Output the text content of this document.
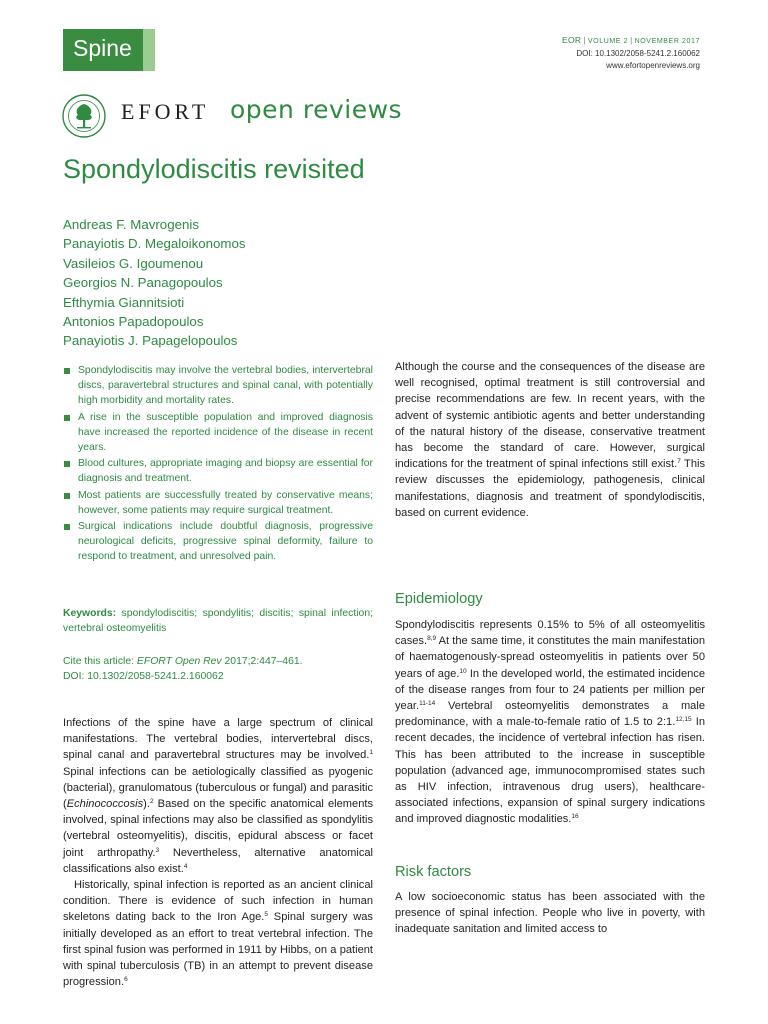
Spine	EOR | VOLUME 2 | NOVEMBER 2017
DOI: 10.1302/2058-5241.2.160062
www.efortopenreviews.org
EFORT open reviews
Spondylodiscitis revisited
Andreas F. Mavrogenis
Panayiotis D. Megaloikonomos
Vasileios G. Igoumenou
Georgios N. Panagopoulos
Efthymia Giannitsioti
Antonios Papadopoulos
Panayiotis J. Papagelopoulos
Spondylodiscitis may involve the vertebral bodies, intervertebral discs, paravertebral structures and spinal canal, with potentially high morbidity and mortality rates.
A rise in the susceptible population and improved diagnosis have increased the reported incidence of the disease in recent years.
Blood cultures, appropriate imaging and biopsy are essential for diagnosis and treatment.
Most patients are successfully treated by conservative means; however, some patients may require surgical treatment.
Surgical indications include doubtful diagnosis, progressive neurological deficits, progressive spinal deformity, failure to respond to treatment, and unresolved pain.

Keywords: spondylodiscitis; spondylitis; discitis; spinal infection; vertebral osteomyelitis

Cite this article: EFORT Open Rev 2017;2:447–461.
DOI: 10.1302/2058-5241.2.160062

Infections of the spine have a large spectrum of clinical manifestations. The vertebral bodies, intervertebral discs, spinal canal and paravertebral structures may be involved.$^1$ Spinal infections can be aetiologically classified as pyogenic (bacterial), granulomatous (tuberculous or fungal) and parasitic (Echinococcosis).$^2$ Based on the specific anatomical elements involved, spinal infections may also be classified as spondylitis (vertebral osteomyelitis), discitis, epidural abscess or facet joint arthropathy.$^3$ Nevertheless, alternative anatomical classifications also exist.$^4$

Historically, spinal infection is reported as an ancient clinical condition. There is evidence of such infection in human skeletons dating back to the Iron Age.$^5$ Spinal surgery was initially developed as an effort to treat vertebral infection. The first spinal fusion was performed in 1911 by Hibbs, on a patient with spinal tuberculosis (TB) in an attempt to prevent disease progression.$^6$

Although the course and the consequences of the disease are well recognised, optimal treatment is still controversial and precise recommendations are few. In recent years, with the advent of systemic antibiotic agents and better understanding of the natural history of the disease, conservative treatment has become the standard of care. However, surgical indications for the treatment of spinal infections still exist.$^7$ This review discusses the epidemiology, pathogenesis, clinical manifestations, diagnosis and treatment of spondylodiscitis, based on current evidence.

Epidemiology

Spondylodiscitis represents 0.15% to 5% of all osteomyelitis cases.$^{8,9}$ At the same time, it constitutes the main manifestation of haematogenously-spread osteomyelitis in patients over 50 years of age.$^{10}$ In the developed world, the estimated incidence of the disease ranges from four to 24 patients per million per year.$^{11-14}$ Vertebral osteomyelitis demonstrates a male predominance, with a male-to-female ratio of 1.5 to 2:1.$^{12,15}$ In recent decades, the incidence of vertebral infection has risen. This has been attributed to the increase in susceptible population (advanced age, immunocompromised states such as HIV infection, intravenous drug users), healthcare-associated infections, expansion of spinal surgery indications and improved diagnostic modalities.$^{16}$

Risk factors

A low socioeconomic status has been associated with the presence of spinal infection. People who live in poverty, with inadequate sanitation and limited access to
